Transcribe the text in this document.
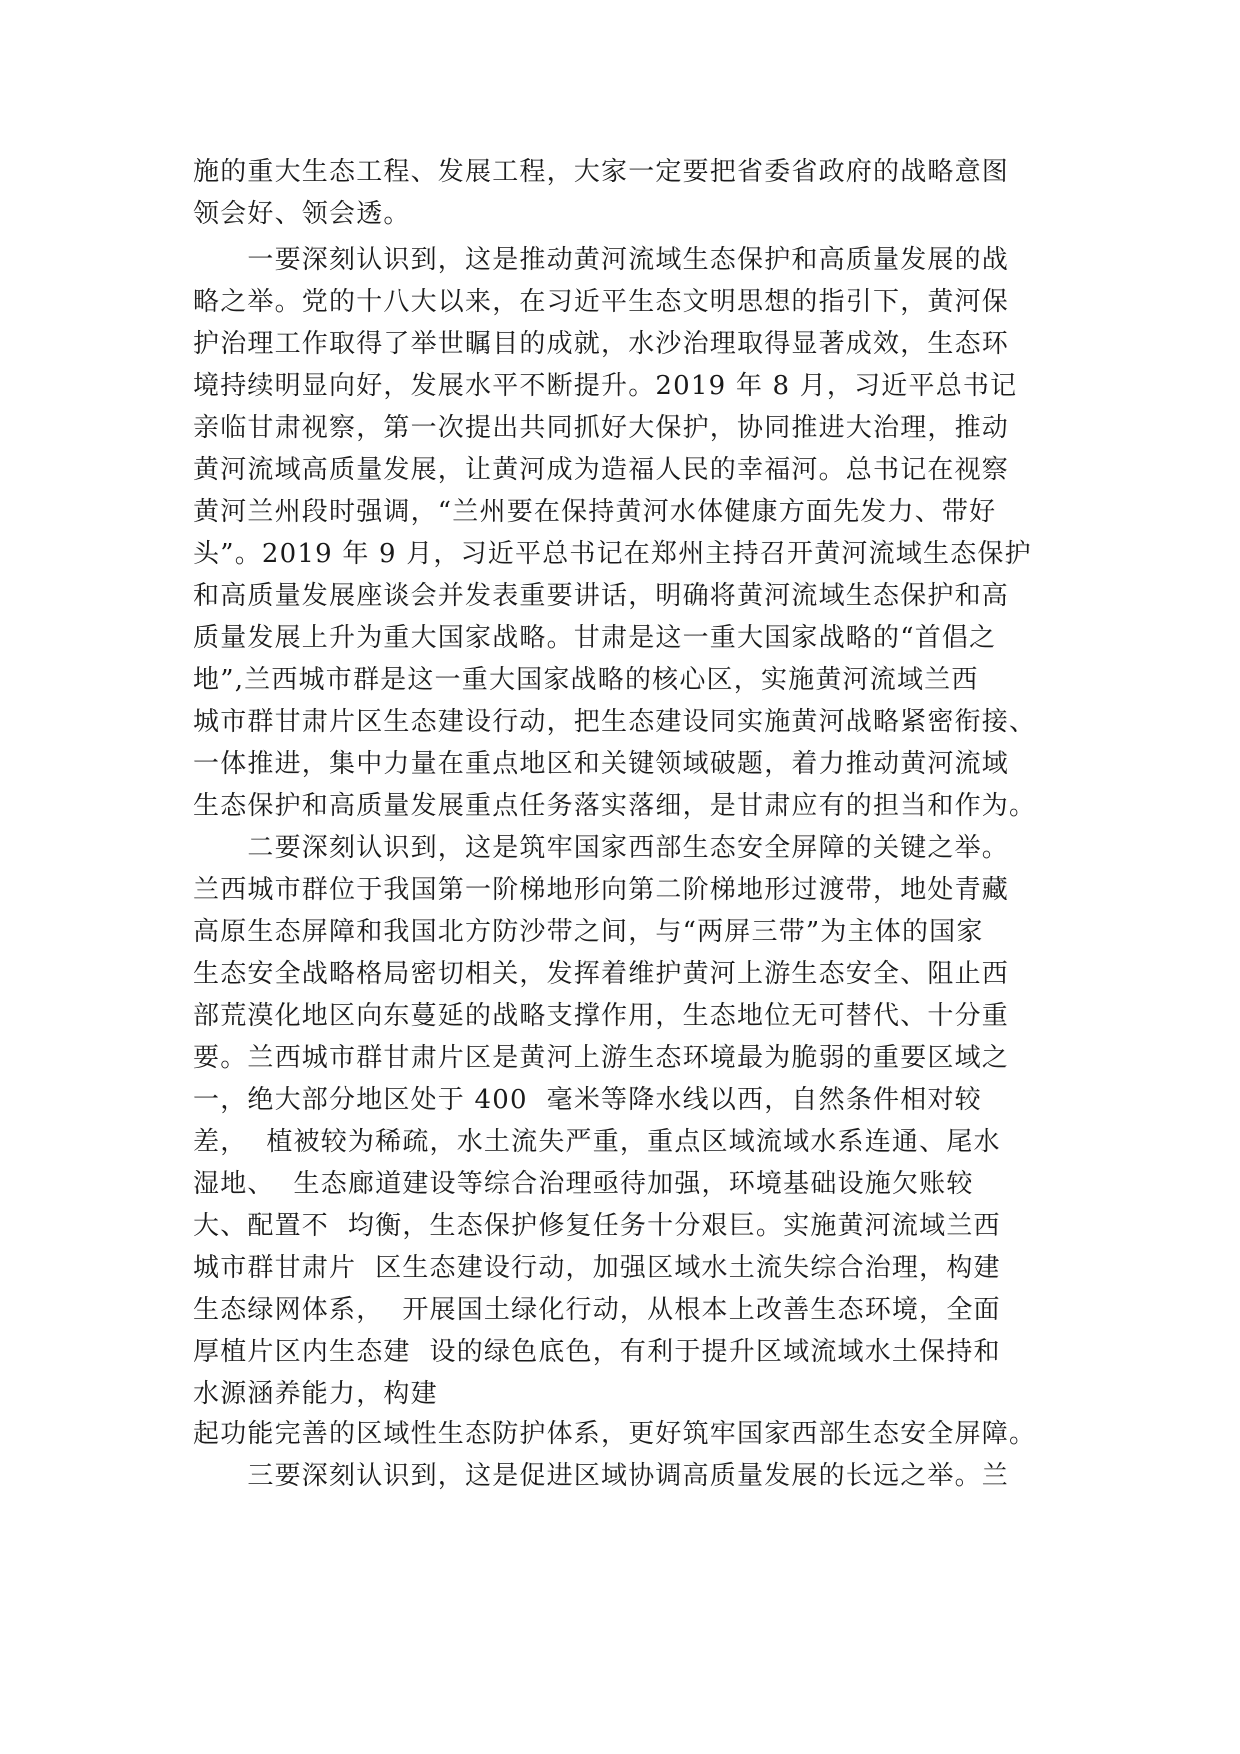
施的重大生态工程、发展工程，大家一定要把省委省政府的战略意图
领会好、领会透。
　　一要深刻认识到，这是推动黄河流域生态保护和高质量发展的战
略之举。党的十八大以来，在习近平生态文明思想的指引下，黄河保
护治理工作取得了举世瞩目的成就，水沙治理取得显著成效，生态环
境持续明显向好，发展水平不断提升。2019 年 8 月，习近平总书记
亲临甘肃视察，第一次提出共同抓好大保护，协同推进大治理，推动
黄河流域高质量发展，让黄河成为造福人民的幸福河。总书记在视察
黄河兰州段时强调，“兰州要在保持黄河水体健康方面先发力、带好
头”。2019 年 9 月，习近平总书记在郑州主持召开黄河流域生态保护
和高质量发展座谈会并发表重要讲话，明确将黄河流域生态保护和高
质量发展上升为重大国家战略。甘肃是这一重大国家战略的“首倡之
地”,兰西城市群是这一重大国家战略的核心区，实施黄河流域兰西
城市群甘肃片区生态建设行动，把生态建设同实施黄河战略紧密衔接、
一体推进，集中力量在重点地区和关键领域破题，着力推动黄河流域
生态保护和高质量发展重点任务落实落细，是甘肃应有的担当和作为。
　　二要深刻认识到，这是筑牢国家西部生态安全屏障的关键之举。
兰西城市群位于我国第一阶梯地形向第二阶梯地形过渡带，地处青藏
高原生态屏障和我国北方防沙带之间，与“两屏三带”为主体的国家
生态安全战略格局密切相关，发挥着维护黄河上游生态安全、阻止西
部荒漠化地区向东蔓延的战略支撑作用，生态地位无可替代、十分重
要。兰西城市群甘肃片区是黄河上游生态环境最为脆弱的重要区域之
一，绝大部分地区处于 400  毫米等降水线以西，自然条件相对较
差，  植被较为稀疏，水土流失严重，重点区域流域水系连通、尾水
湿地、  生态廊道建设等综合治理亟待加强，环境基础设施欠账较
大、配置不  均衡，生态保护修复任务十分艰巨。实施黄河流域兰西
城市群甘肃片  区生态建设行动，加强区域水土流失综合治理，构建
生态绿网体系，  开展国土绿化行动，从根本上改善生态环境，全面
厚植片区内生态建  设的绿色底色，有利于提升区域流域水土保持和
水源涵养能力，构建
起功能完善的区域性生态防护体系，更好筑牢国家西部生态安全屏障。
　　三要深刻认识到，这是促进区域协调高质量发展的长远之举。兰
